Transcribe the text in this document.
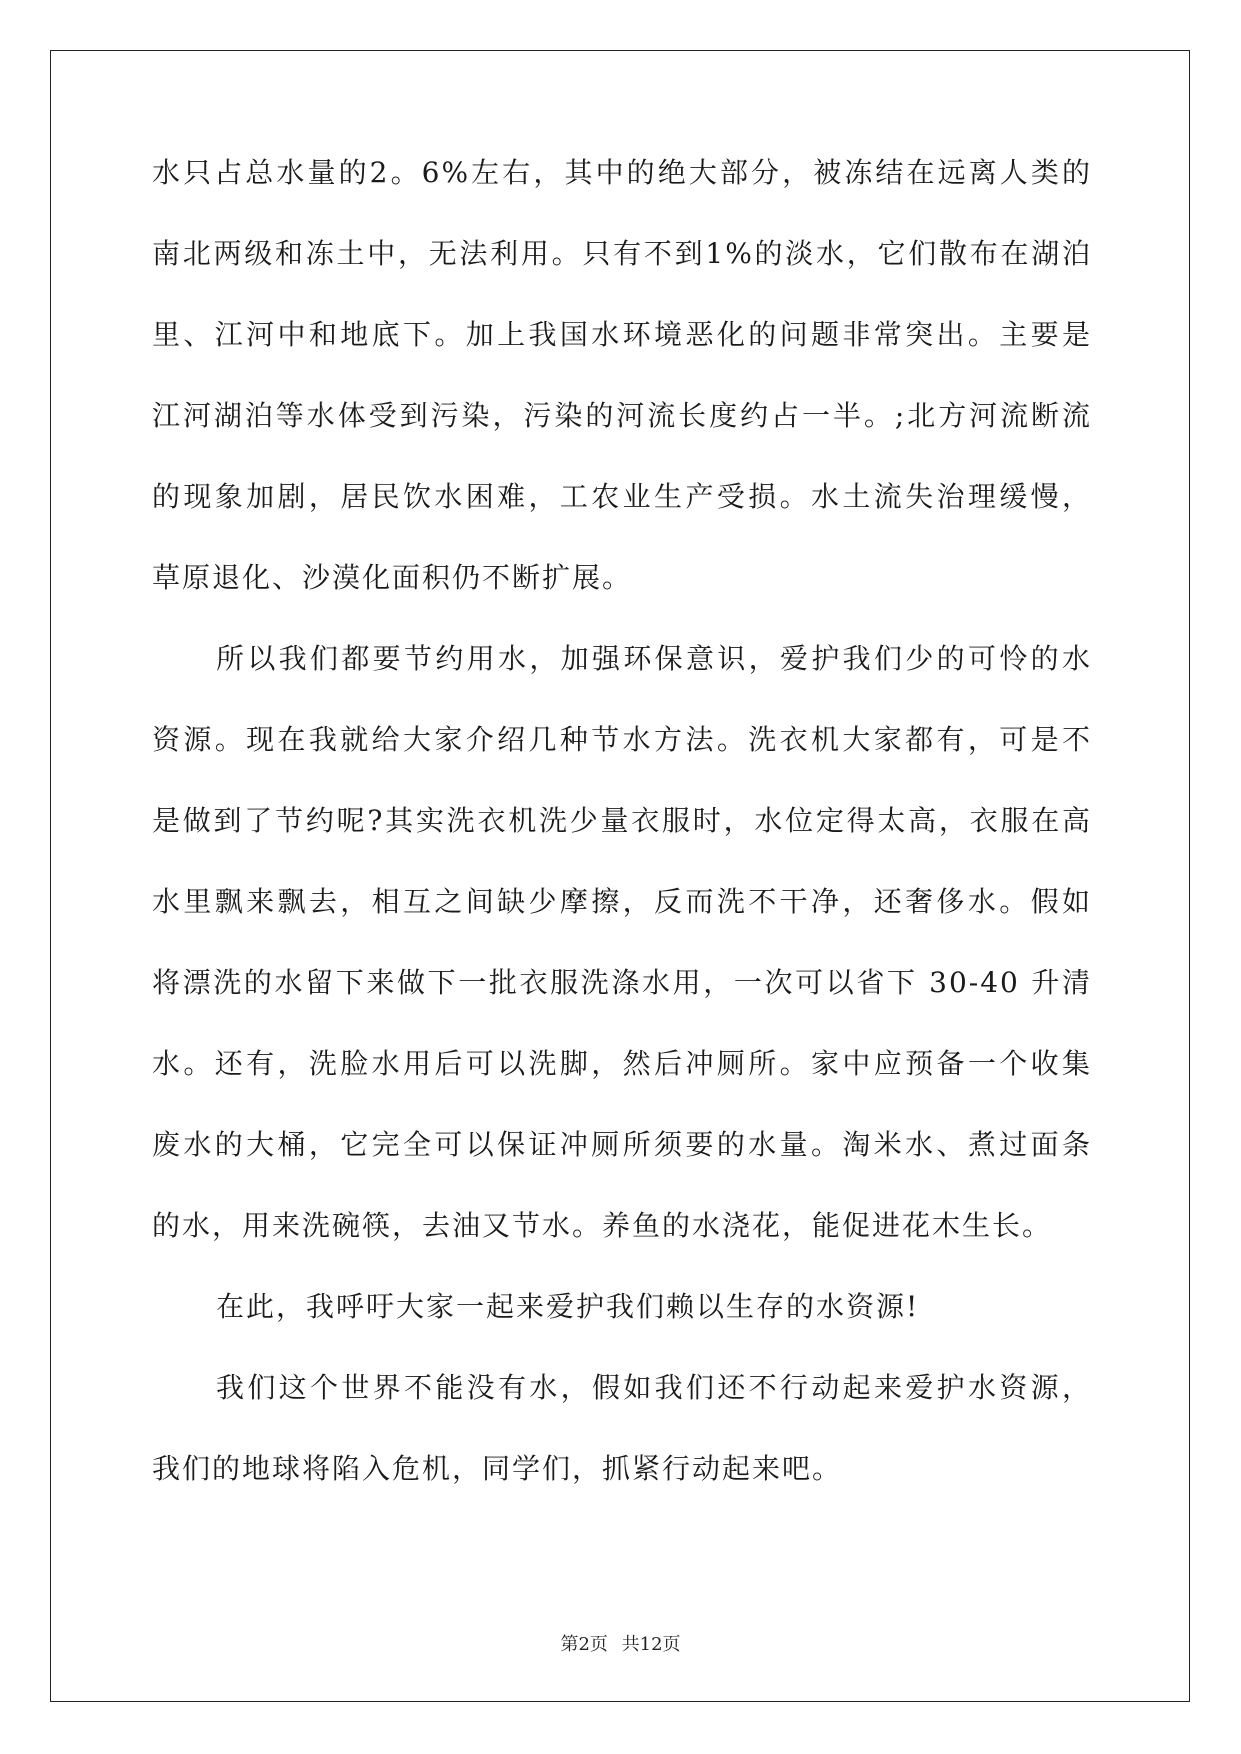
水只占总水量的2。6%左右，其中的绝大部分，被冻结在远离人类的
南北两级和冻土中，无法利用。只有不到1%的淡水，它们散布在湖泊
里、江河中和地底下。加上我国水环境恶化的问题非常突出。主要是
江河湖泊等水体受到污染，污染的河流长度约占一半。;北方河流断流
的现象加剧，居民饮水困难，工农业生产受损。水土流失治理缓慢，
草原退化、沙漠化面积仍不断扩展。
所以我们都要节约用水，加强环保意识，爱护我们少的可怜的水
资源。现在我就给大家介绍几种节水方法。洗衣机大家都有，可是不
是做到了节约呢?其实洗衣机洗少量衣服时，水位定得太高，衣服在高
水里飘来飘去，相互之间缺少摩擦，反而洗不干净，还奢侈水。假如
将漂洗的水留下来做下一批衣服洗涤水用，一次可以省下 30-40 升清
水。还有，洗脸水用后可以洗脚，然后冲厕所。家中应预备一个收集
废水的大桶，它完全可以保证冲厕所须要的水量。淘米水、煮过面条
的水，用来洗碗筷，去油又节水。养鱼的水浇花，能促进花木生长。
在此，我呼吁大家一起来爱护我们赖以生存的水资源!
我们这个世界不能没有水，假如我们还不行动起来爱护水资源，
我们的地球将陷入危机，同学们，抓紧行动起来吧。
第2页 共12页
